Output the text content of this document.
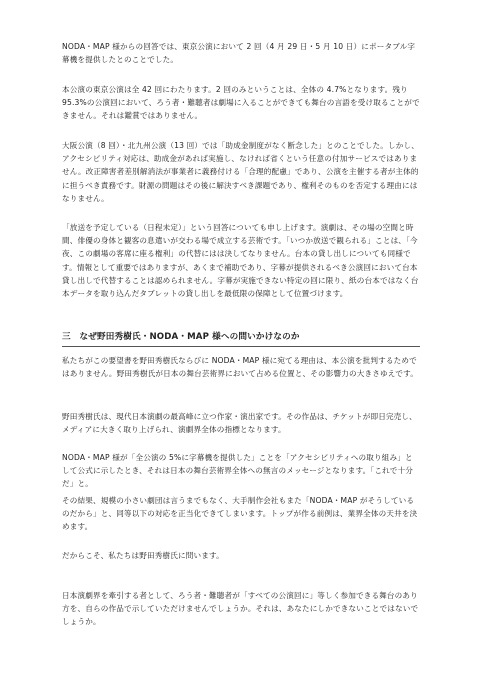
NODA・MAP 様からの回答では、東京公演において 2 回（4 月 29 日・5 月 10 日）にポータブル字幕機を提供したとのことでした。

本公演の東京公演は全 42 回にわたります。2 回のみということは、全体の 4.7%となります。残り 95.3%の公演回において、ろう者・難聴者は劇場に入ることができても舞台の言語を受け取ることができません。それは鑑賞ではありません。

大阪公演（8 回）・北九州公演（13 回）では「助成金制度がなく断念した」とのことでした。しかし、アクセシビリティ対応は、助成金があれば実施し、なければ省くという任意の付加サービスではありません。改正障害者差別解消法が事業者に義務付ける「合理的配慮」であり、公演を主催する者が主体的に担うべき責務です。財源の問題はその後に解決すべき課題であり、権利そのものを否定する理由にはなりません。

「放送を予定している（日程未定）」という回答についても申し上げます。演劇は、その場の空間と時間、俳優の身体と観客の息遣いが交わる場で成立する芸術です。「いつか放送で観られる」ことは、「今夜、この劇場の客席に座る権利」の代替にはは決してなりません。台本の貸し出しについても同様です。情報として重要ではありますが、あくまで補助であり、字幕が提供されるべき公演回において台本貸し出しで代替することは認められません。字幕が実施できない特定の回に限り、紙の台本ではなく台本データを取り込んだタブレットの貸し出しを最低限の保障として位置づけます。

三　なぜ野田秀樹氏・NODA・MAP 様への問いかけなのか

私たちがこの要望書を野田秀樹氏ならびに NODA・MAP 様に宛てる理由は、本公演を批判するためではありません。野田秀樹氏が日本の舞台芸術界において占める位置と、その影響力の大きさゆえです。

野田秀樹氏は、現代日本演劇の最高峰に立つ作家・演出家です。その作品は、チケットが即日完売し、メディアに大きく取り上げられ、演劇界全体の指標となります。

NODA・MAP 様が「全公演の 5%に字幕機を提供した」ことを「アクセシビリティへの取り組み」として公式に示したとき、それは日本の舞台芸術界全体への無言のメッセージとなります。「これで十分だ」と。

その結果、規模の小さい劇団は言うまでもなく、大手制作会社もまた「NODA・MAP がそうしているのだから」と、同等以下の対応を正当化できてしまいます。トップが作る前例は、業界全体の天井を決めます。

だからこそ、私たちは野田秀樹氏に問います。

日本演劇界を牽引する者として、ろう者・難聴者が「すべての公演回に」等しく参加できる舞台のあり方を、自らの作品で示していただけませんでしょうか。それは、あなたにしかできないことではないでしょうか。
